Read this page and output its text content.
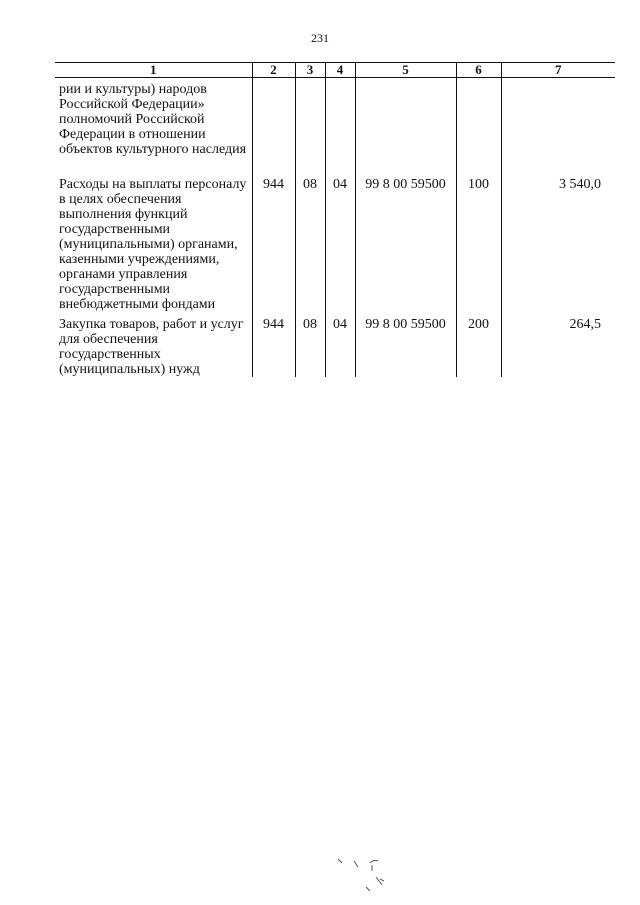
231
1	2	3	4	5	6	7
рии и культуры) народов Российской Федерации» полномочий Российской Федерации в отношении объектов культурного наследия						
Расходы на выплаты персоналу в целях обеспечения выполнения функций государственными (муниципальными) органами, казенными учреждениями, органами управления государственными внебюджетными фондами	944	08	04	99 8 00 59500	100	3 540,0
Закупка товаров, работ и услуг для обеспечения государственных (муниципальных) нужд	944	08	04	99 8 00 59500	200	264,5
